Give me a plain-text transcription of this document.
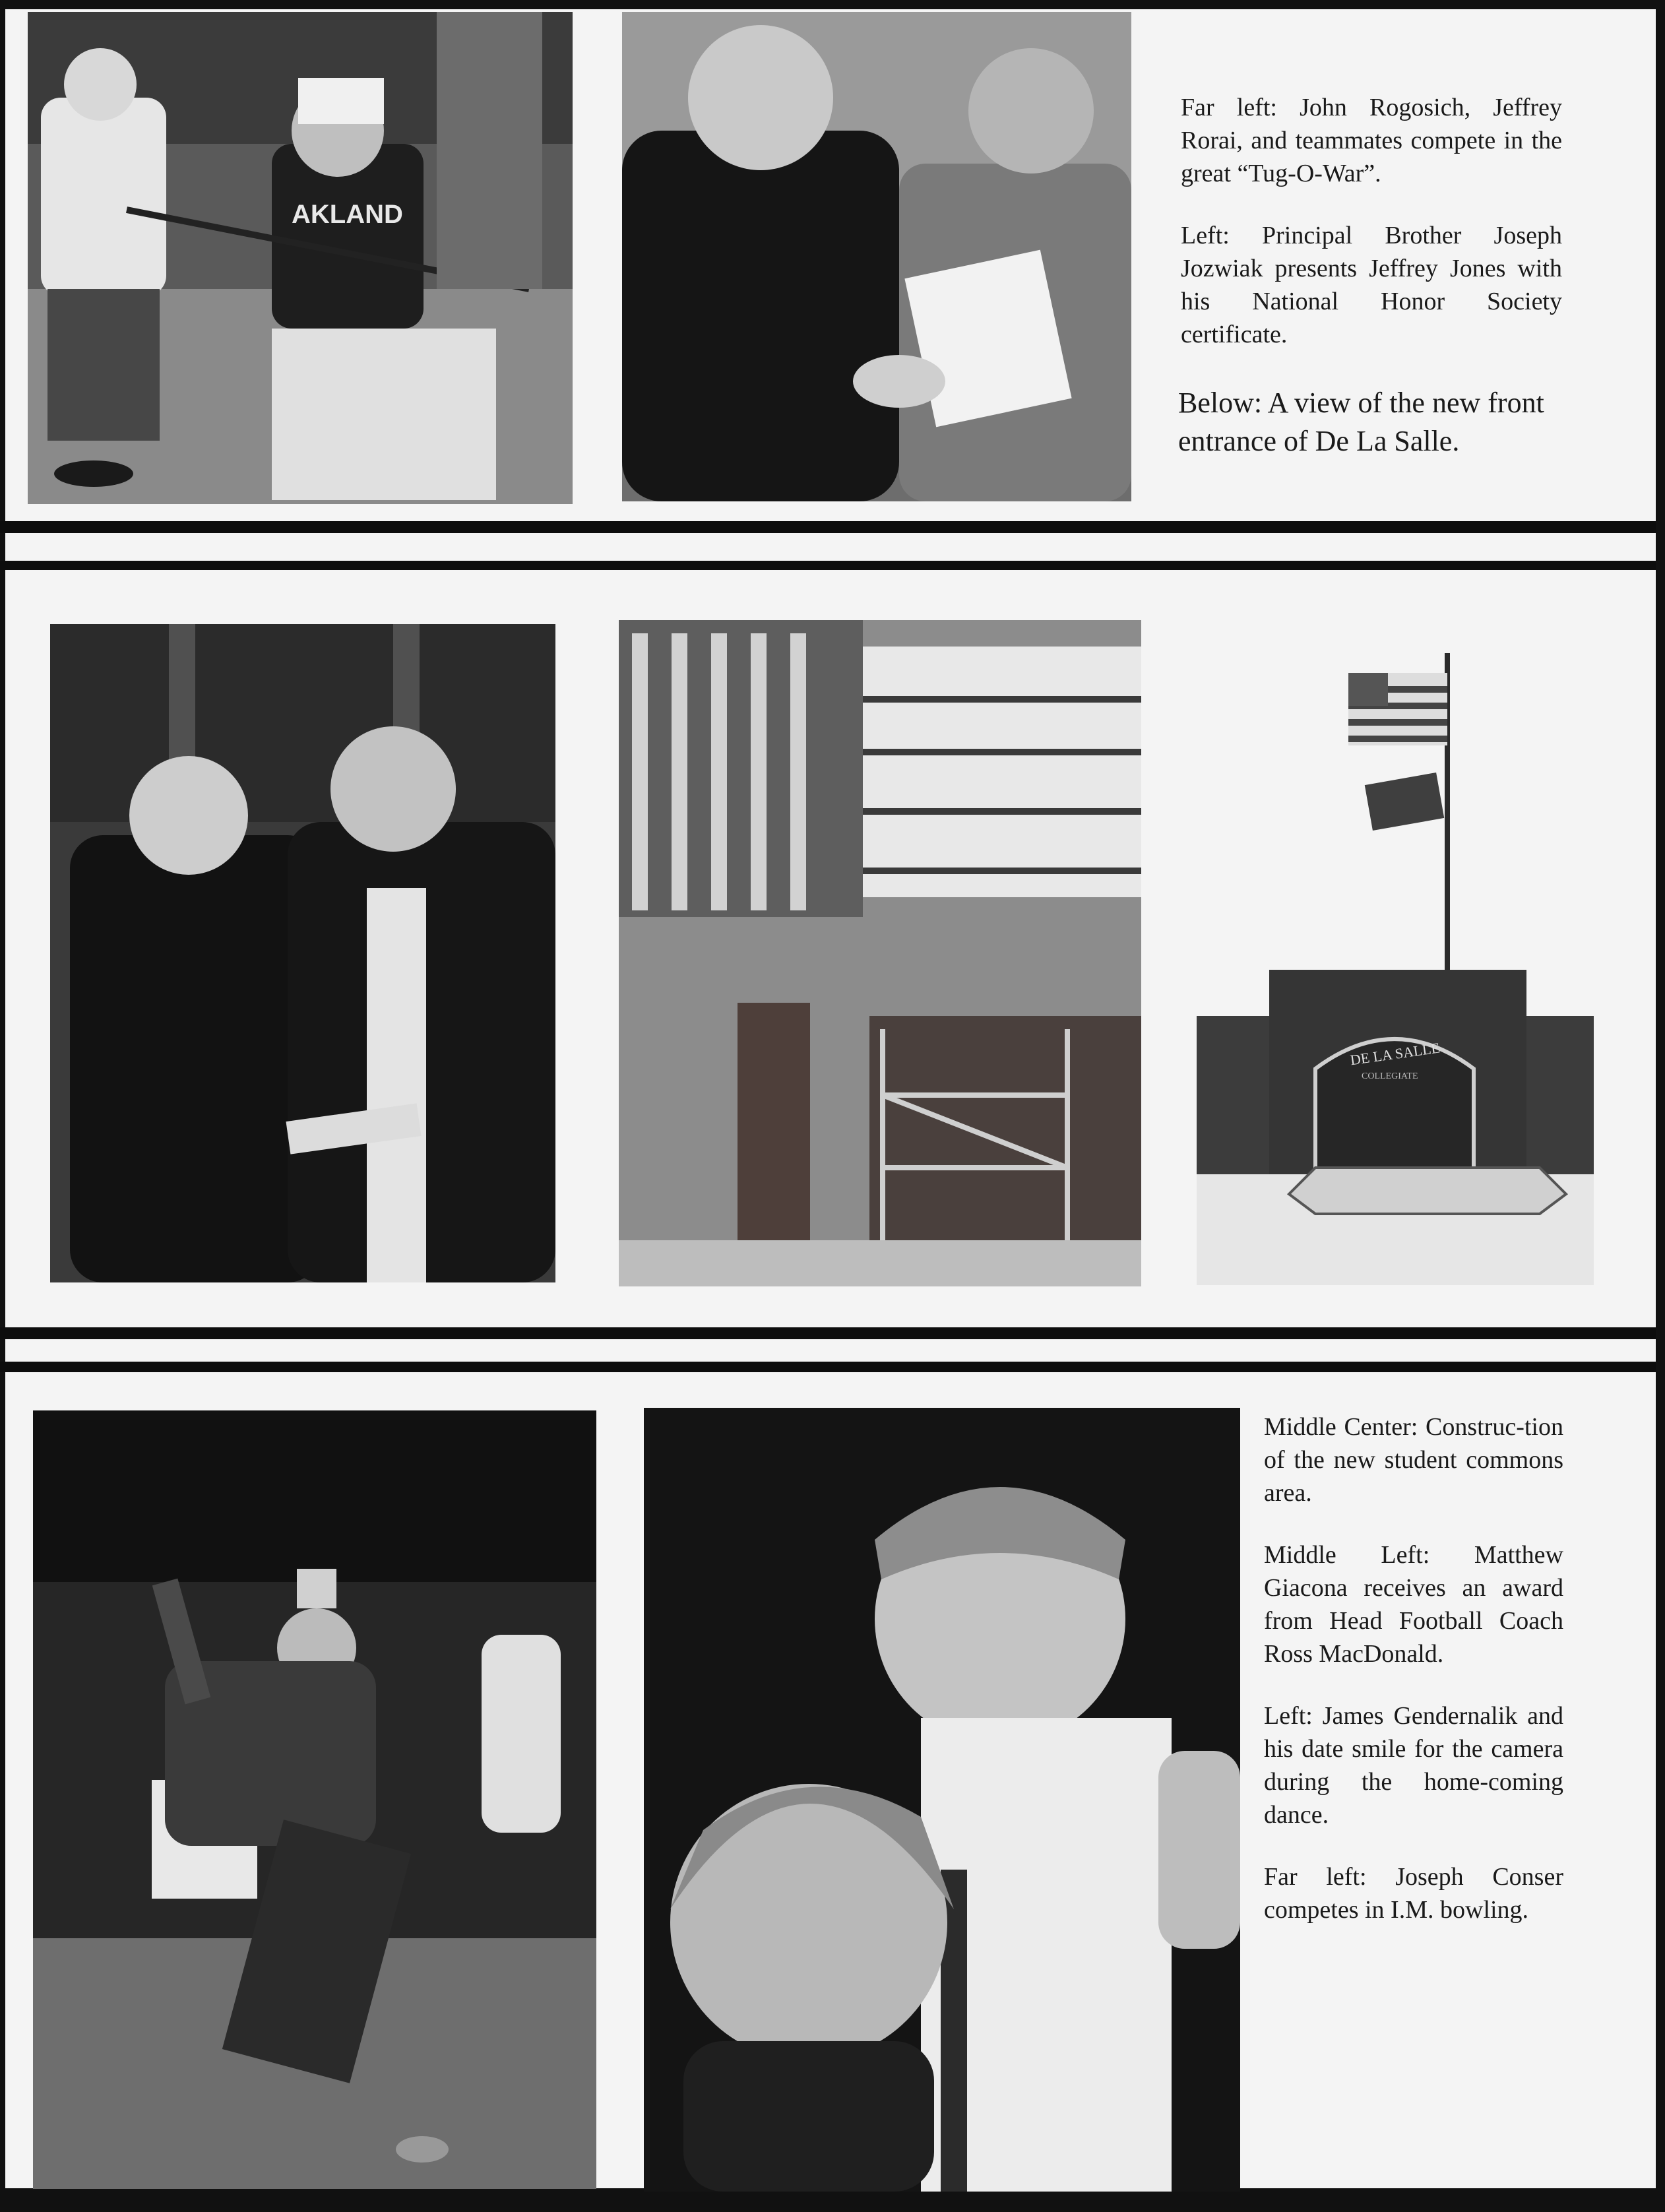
AKLAND

Far left: John Rogosich, Jeffrey Rorai, and teammates compete in the great “Tug-O-War”.

Left: Principal Brother Joseph Jozwiak presents Jeffrey Jones with his National Honor Society certificate.

Below: A view of the new front entrance of De La Salle.
DE LA SALLE
COLLEGIATE

Middle Center: Construc-tion of the new student commons area.

Middle Left: Matthew Giacona receives an award from Head Football Coach Ross MacDonald.

Left: James Gendernalik and his date smile for the camera during the home-coming dance.

Far left: Joseph Conser competes in I.M. bowling.
